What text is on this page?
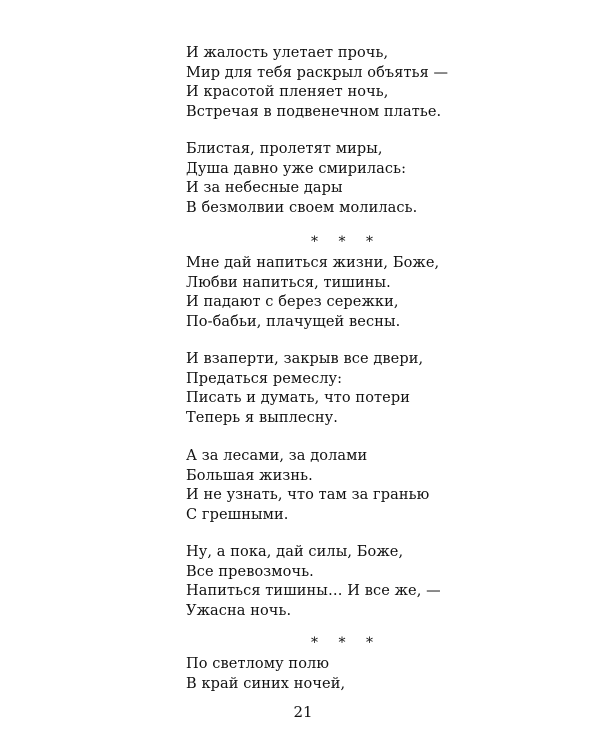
И жалость улетает прочь,
Мир для тебя раскрыл объятья —
И красотой пленяет ночь,
Встречая в подвенечном платье.
Блистая, пролетят миры,
Душа давно уже смирилась:
И за небесные дары
В безмолвии своем молилась.
* * *
Мне дай напиться жизни, Боже,
Любви напиться, тишины.
И падают с берез сережки,
По-бабьи, плачущей весны.
И взаперти, закрыв все двери,
Предаться ремеслу:
Писать и думать, что потери
Теперь я выплесну.
А за лесами, за долами
Большая жизнь.
И не узнать, что там за гранью
С грешными.
Ну, а пока, дай силы, Боже,
Все превозмочь.
Напиться тишины… И все же, —
Ужасна ночь.
* * *
По светлому полю
В край синих ночей,
21
